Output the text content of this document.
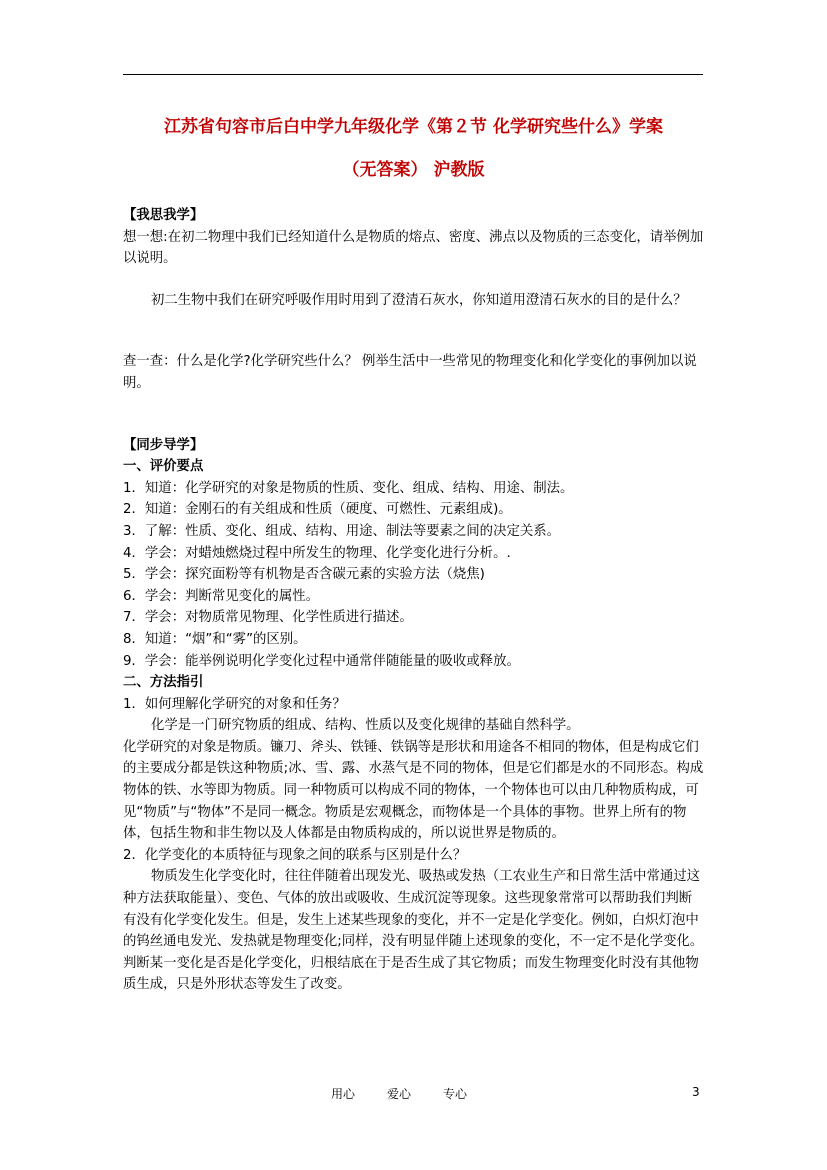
江苏省句容市后白中学九年级化学《第２节 化学研究些什么》学案
（无答案） 沪教版

【我思我学】

想一想:在初二物理中我们已经知道什么是物质的熔点、密度、沸点以及物质的三态变化，请举例加以说明。

初二生物中我们在研究呼吸作用时用到了澄清石灰水，你知道用澄清石灰水的目的是什么？

查一查：什么是化学?化学研究些什么？ 例举生活中一些常见的物理变化和化学变化的事例加以说明。

【同步导学】

一、评价要点

1．知道：化学研究的对象是物质的性质、变化、组成、结构、用途、制法。

2．知道：金刚石的有关组成和性质（硬度、可燃性、元素组成)。

3．了解：性质、变化、组成、结构、用途、制法等要素之间的决定关系。

4．学会：对蜡烛燃烧过程中所发生的物理、化学变化进行分析。.

5．学会：探究面粉等有机物是否含碳元素的实验方法（烧焦)

6．学会：判断常见变化的属性。

7．学会：对物质常见物理、化学性质进行描述。

8．知道：“烟”和“雾”的区别。

9．学会：能举例说明化学变化过程中通常伴随能量的吸收或释放。

二、方法指引

1．如何理解化学研究的对象和任务？

化学是一门研究物质的组成、结构、性质以及变化规律的基础自然科学。

化学研究的对象是物质。镰刀、斧头、铁锤、铁锅等是形状和用途各不相同的物体，但是构成它们的主要成分都是铁这种物质;冰、雪、露、水蒸气是不同的物体，但是它们都是水的不同形态。构成物体的铁、水等即为物质。同一种物质可以构成不同的物体，一个物体也可以由几种物质构成，可见“物质”与“物体”不是同一概念。物质是宏观概念，而物体是一个具体的事物。世界上所有的物体，包括生物和非生物以及人体都是由物质构成的，所以说世界是物质的。

2．化学变化的本质特征与现象之间的联系与区别是什么？

物质发生化学变化时，往往伴随着出现发光、吸热或发热（工农业生产和日常生活中常通过这种方法获取能量）、变色、气体的放出或吸收、生成沉淀等现象。这些现象常常可以帮助我们判断有没有化学变化发生。但是，发生上述某些现象的变化，并不一定是化学变化。例如，白炽灯泡中的钨丝通电发光、发热就是物理变化;同样，没有明显伴随上述现象的变化，不一定不是化学变化。判断某一变化是否是化学变化，归根结底在于是否生成了其它物质；而发生物理变化时没有其他物质生成，只是外形状态等发生了改变。

用心	爱心	专心	3
